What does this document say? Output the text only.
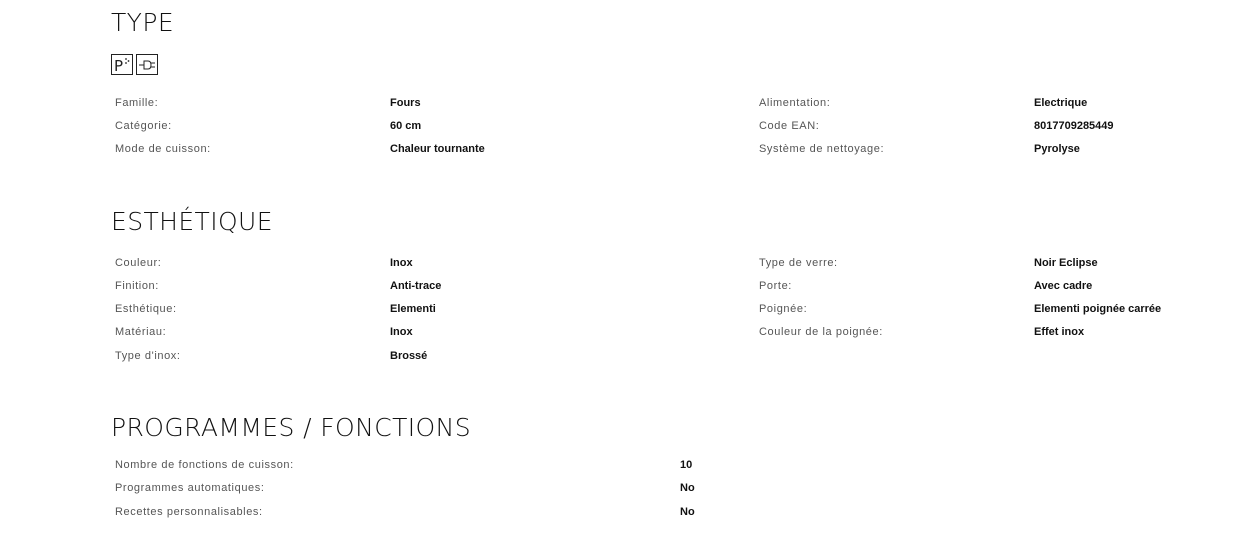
TYPE
P
Famille:	Fours
Catégorie:	60 cm
Mode de cuisson:	Chaleur tournante
Alimentation:	Electrique
Code EAN:	8017709285449
Système de nettoyage:	Pyrolyse
ESTHÉTIQUE
Couleur:	Inox
Finition:	Anti-trace
Esthétique:	Elementi
Matériau:	Inox
Type d'inox:	Brossé
Type de verre:	Noir Eclipse
Porte:	Avec cadre
Poignée:	Elementi poignée carrée
Couleur de la poignée:	Effet inox
PROGRAMMES / FONCTIONS
Nombre de fonctions de cuisson:	10
Programmes automatiques:	No
Recettes personnalisables:	No
